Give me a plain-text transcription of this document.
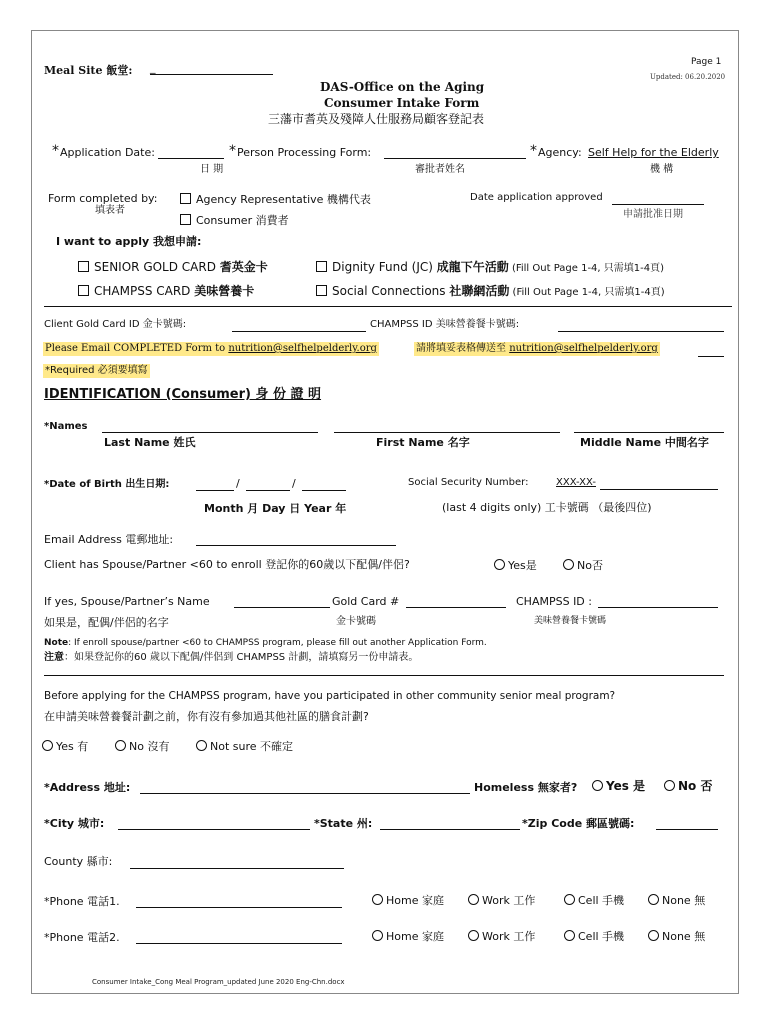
Meal Site 飯堂: _	Page 1
Updated: 06.20.2020
DAS-Office on the Aging
Consumer Intake Form
三藩市耆英及殘障人仕服務局顧客登記表
* Application Date:
日 期
* Person Processing Form:
審批者姓名
* Agency: Self Help for the Elderly
機 構
Form completed by:
填表者
Agency Representative 機構代表
Consumer 消費者
Date application approved
申請批准日期
I want to apply 我想申請:
SENIOR GOLD CARD 耆英金卡	Dignity Fund (JC) 成龍下午活動 (Fill Out Page 1-4, 只需填1-4頁)
CHAMPSS CARD 美味營養卡	Social Connections 社聯網活動 (Fill Out Page 1-4, 只需填1-4頁)
Client Gold Card ID 金卡號碼:	CHAMPSS ID 美味營養餐卡號碼:
Please Email COMPLETED Form to nutrition@selfhelpelderly.org	請將填妥表格傳送至 nutrition@selfhelpelderly.org
*Required 必須要填寫
IDENTIFICATION (Consumer) 身 份 證 明
*Names
Last Name 姓氏	First Name 名字	Middle Name 中間名字
*Date of Birth 出生日期:	/	/
Month 月 Day 日 Year 年
Social Security Number:	XXX-XX-
(last 4 digits only) 工卡號碼 （最後四位)
Email Address 電郵地址:
Client has Spouse/Partner <60 to enroll 登記你的60歲以下配偶/伴侶?	Yes是	No否
If yes, Spouse/Partner’s Name	Gold Card #	CHAMPSS ID :
如果是，配偶/伴侶的名字	金卡號碼	美味營養餐卡號碼
Note: If enroll spouse/partner <60 to CHAMPSS program, please fill out another Application Form.
注意：如果登記你的60 歲以下配偶/伴侶到 CHAMPSS 計劃，請填寫另一份申請表。
Before applying for the CHAMPSS program, have you participated in other community senior meal program?
在申請美味營養餐計劃之前，你有沒有參加過其他社區的膳食計劃?
Yes 有	No 沒有	Not sure 不確定
*Address 地址:	Homeless 無家者?	Yes 是	No 否
*City 城市:	*State 州:	*Zip Code 郵區號碼:
County 縣市:
*Phone 電話1.	Home 家庭	Work 工作	Cell 手機	None 無
*Phone 電話2.	Home 家庭	Work 工作	Cell 手機	None 無
Consumer Intake_Cong Meal Program_updated June 2020 Eng-Chn.docx
